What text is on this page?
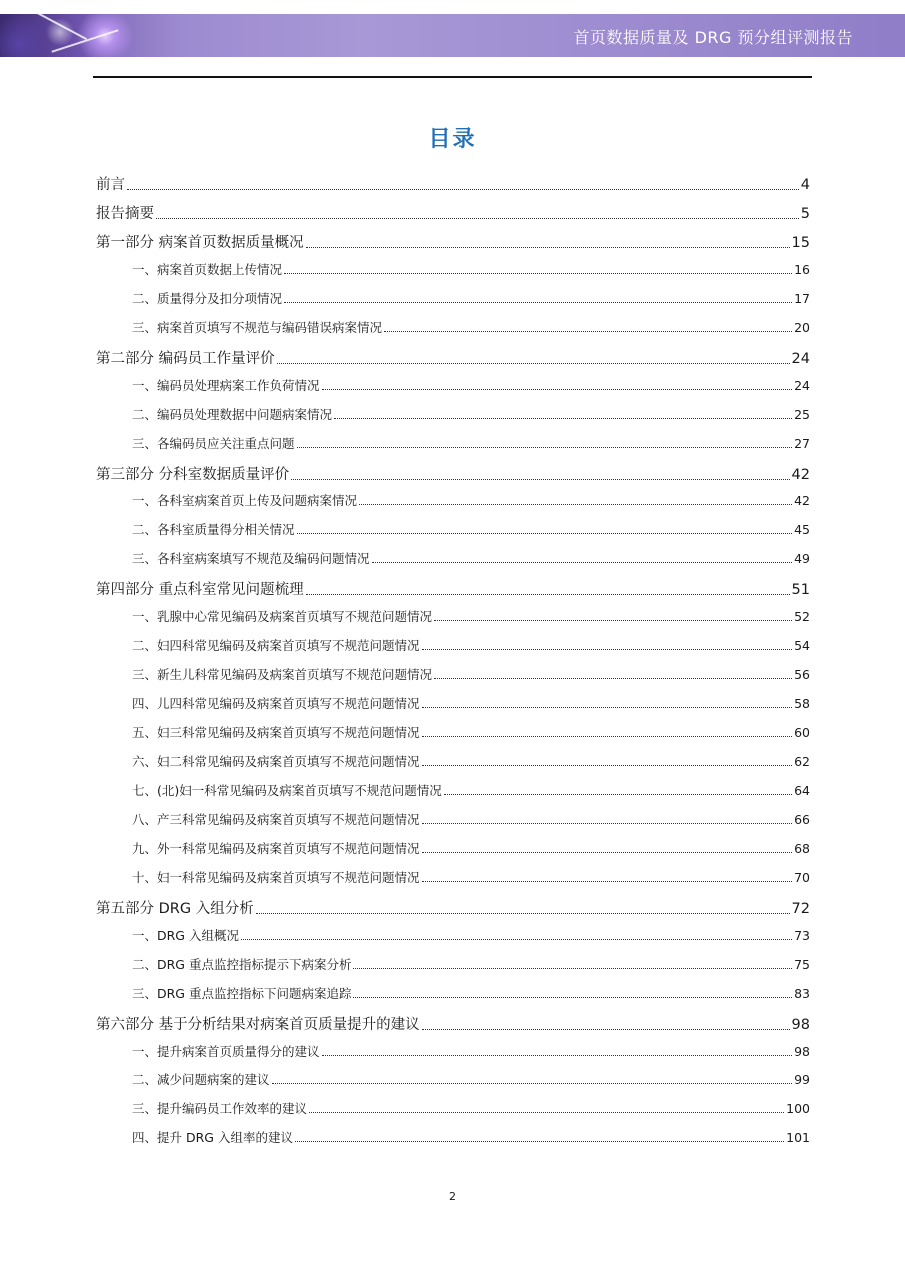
首页数据质量及 DRG 预分组评测报告
目录
前言	4
报告摘要	5
第一部分 病案首页数据质量概况	15
一、病案首页数据上传情况	16
二、质量得分及扣分项情况	17
三、病案首页填写不规范与编码错误病案情况	20
第二部分 编码员工作量评价	24
一、编码员处理病案工作负荷情况	24
二、编码员处理数据中问题病案情况	25
三、各编码员应关注重点问题	27
第三部分 分科室数据质量评价	42
一、各科室病案首页上传及问题病案情况	42
二、各科室质量得分相关情况	45
三、各科室病案填写不规范及编码问题情况	49
第四部分 重点科室常见问题梳理	51
一、乳腺中心常见编码及病案首页填写不规范问题情况	52
二、妇四科常见编码及病案首页填写不规范问题情况	54
三、新生儿科常见编码及病案首页填写不规范问题情况	56
四、儿四科常见编码及病案首页填写不规范问题情况	58
五、妇三科常见编码及病案首页填写不规范问题情况	60
六、妇二科常见编码及病案首页填写不规范问题情况	62
七、(北)妇一科常见编码及病案首页填写不规范问题情况	64
八、产三科常见编码及病案首页填写不规范问题情况	66
九、外一科常见编码及病案首页填写不规范问题情况	68
十、妇一科常见编码及病案首页填写不规范问题情况	70
第五部分 DRG 入组分析	72
一、DRG 入组概况	73
二、DRG 重点监控指标提示下病案分析	75
三、DRG 重点监控指标下问题病案追踪	83
第六部分 基于分析结果对病案首页质量提升的建议	98
一、提升病案首页质量得分的建议	98
二、减少问题病案的建议	99
三、提升编码员工作效率的建议	100
四、提升 DRG 入组率的建议	101
2
